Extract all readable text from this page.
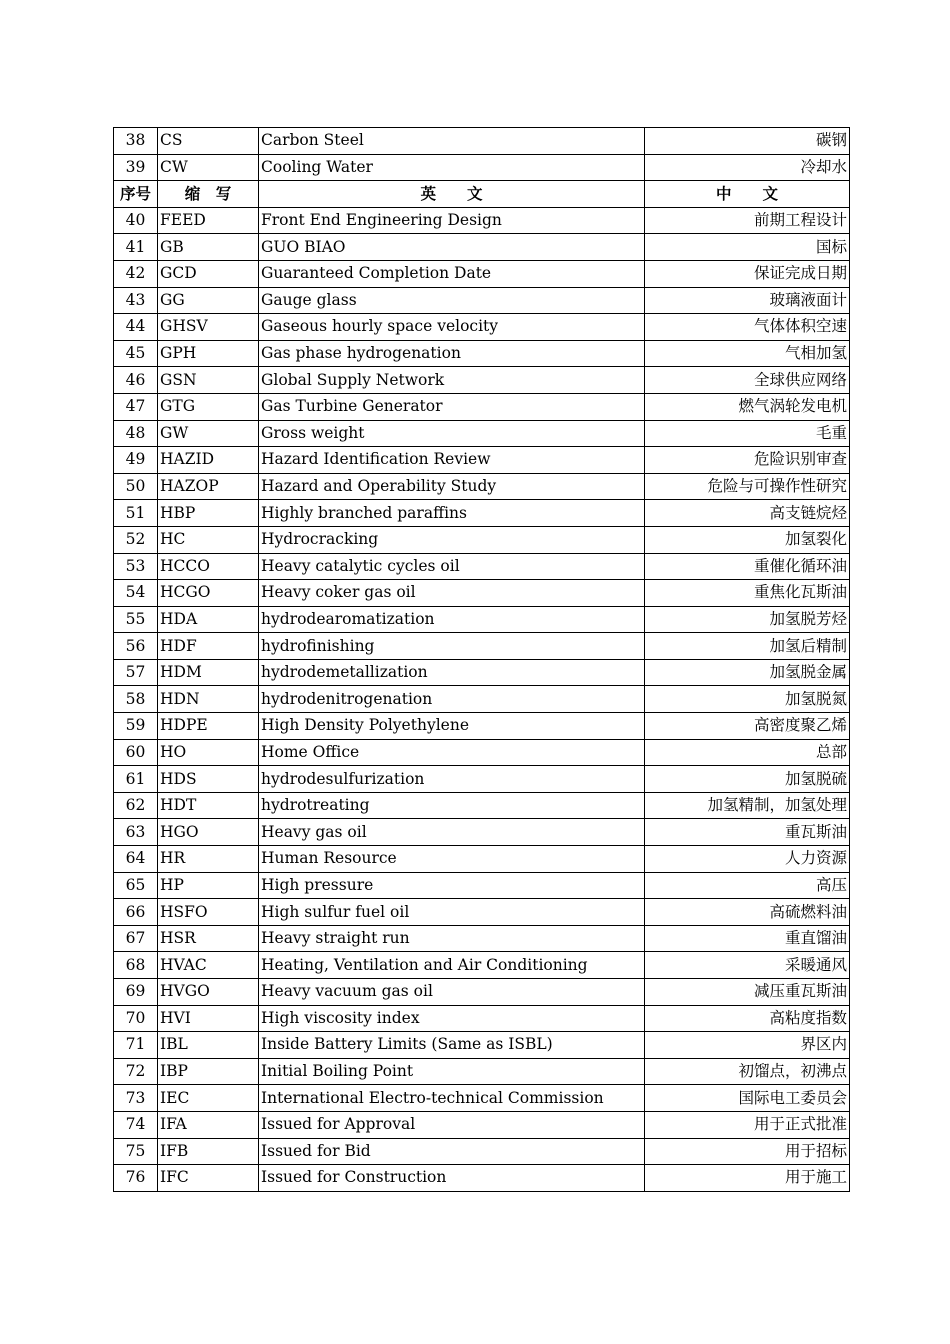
38	CS	Carbon Steel	碳钢
39	CW	Cooling Water	冷却水
序号	缩　写	英　　文	中　　文
40	FEED	Front End Engineering Design	前期工程设计
41	GB	GUO BIAO	国标
42	GCD	Guaranteed Completion Date	保证完成日期
43	GG	Gauge glass	玻璃液面计
44	GHSV	Gaseous hourly space velocity	气体体积空速
45	GPH	Gas phase hydrogenation	气相加氢
46	GSN	Global Supply Network	全球供应网络
47	GTG	Gas Turbine Generator	燃气涡轮发电机
48	GW	Gross weight	毛重
49	HAZID	Hazard Identification Review	危险识别审查
50	HAZOP	Hazard and Operability Study	危险与可操作性研究
51	HBP	Highly branched paraffins	高支链烷烃
52	HC	Hydrocracking	加氢裂化
53	HCCO	Heavy catalytic cycles oil	重催化循环油
54	HCGO	Heavy coker gas oil	重焦化瓦斯油
55	HDA	hydrodearomatization	加氢脱芳烃
56	HDF	hydrofinishing	加氢后精制
57	HDM	hydrodemetallization	加氢脱金属
58	HDN	hydrodenitrogenation	加氢脱氮
59	HDPE	High Density Polyethylene	高密度聚乙烯
60	HO	Home Office	总部
61	HDS	hydrodesulfurization	加氢脱硫
62	HDT	hydrotreating	加氢精制，加氢处理
63	HGO	Heavy gas oil	重瓦斯油
64	HR	Human Resource	人力资源
65	HP	High pressure	高压
66	HSFO	High sulfur fuel oil	高硫燃料油
67	HSR	Heavy straight run	重直馏油
68	HVAC	Heating, Ventilation and Air Conditioning	采暖通风
69	HVGO	Heavy vacuum gas oil	减压重瓦斯油
70	HVI	High viscosity index	高粘度指数
71	IBL	Inside Battery Limits (Same as ISBL)	界区内
72	IBP	Initial Boiling Point	初馏点，初沸点
73	IEC	International Electro-technical Commission	国际电工委员会
74	IFA	Issued for Approval	用于正式批准
75	IFB	Issued for Bid	用于招标
76	IFC	Issued for Construction	用于施工
